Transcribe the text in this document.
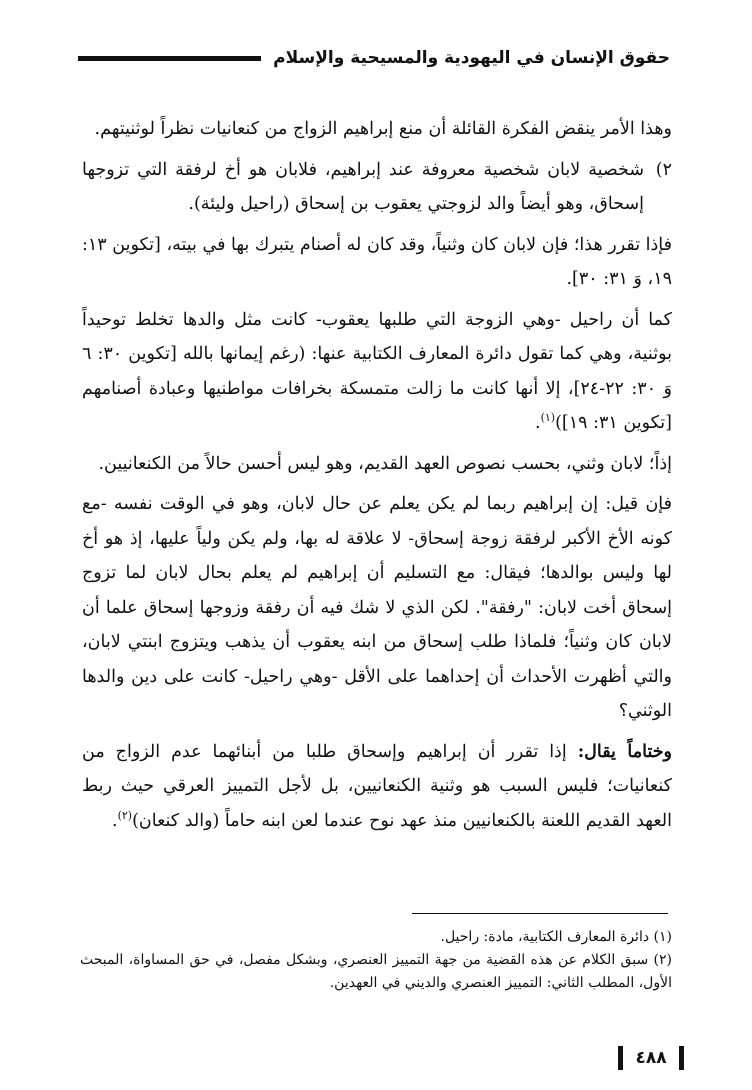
حقوق الإنسان في اليهودية والمسيحية والإسلام

وهذا الأمر ينقض الفكرة القائلة أن منع إبراهيم الزواج من كنعانيات نظراً لوثنيتهم.

٢)
شخصية لابان شخصية معروفة عند إبراهيم، فلابان هو أخ لرفقة التي تزوجها إسحاق، وهو أيضاً والد لزوجتي يعقوب بن إسحاق (راحيل وليئة).

فإذا تقرر هذا؛ فإن لابان كان وثنياً، وقد كان له أصنام يتبرك بها في بيته، [تكوين ١٣: ١٩، وَ ٣١: ٣٠].

كما أن راحيل -وهي الزوجة التي طلبها يعقوب- كانت مثل والدها تخلط توحيداً بوثنية، وهي كما تقول دائرة المعارف الكتابية عنها: (رغم إيمانها بالله [تكوين ٣٠: ٦ وَ ٣٠: ٢٢-٢٤]، إلا أنها كانت ما زالت متمسكة بخرافات مواطنيها وعبادة أصنامهم [تكوين ٣١: ١٩])$^{(١)}$.

إذاً؛ لابان وثني، بحسب نصوص العهد القديم، وهو ليس أحسن حالاً من الكنعانيين.

فإن قيل: إن إبراهيم ربما لم يكن يعلم عن حال لابان، وهو في الوقت نفسه -مع كونه الأخ الأكبر لرفقة زوجة إسحاق- لا علاقة له بها، ولم يكن ولياً عليها، إذ هو أخ لها وليس بوالدها؛ فيقال: مع التسليم أن إبراهيم لم يعلم بحال لابان لما تزوج إسحاق أخت لابان: "رفقة". لكن الذي لا شك فيه أن رفقة وزوجها إسحاق علما أن لابان كان وثنياً؛ فلماذا طلب إسحاق من ابنه يعقوب أن يذهب ويتزوج ابنتي لابان، والتي أظهرت الأحداث أن إحداهما على الأقل -وهي راحيل- كانت على دين والدها الوثني؟

وختاماً يقال: إذا تقرر أن إبراهيم وإسحاق طلبا من أبنائهما عدم الزواج من كنعانيات؛ فليس السبب هو وثنية الكنعانيين، بل لأجل التمييز العرقي حيث ربط العهد القديم اللعنة بالكنعانيين منذ عهد نوح عندما لعن ابنه حاماً (والد كنعان)$^{(٢)}$.

(١) دائرة المعارف الكتابية، مادة: راحيل.

(٢) سبق الكلام عن هذه القضية من جهة التمييز العنصري، وبشكل مفصل، في حق المساواة، المبحث الأول، المطلب الثاني: التمييز العنصري والديني في العهدين.

٤٨٨
